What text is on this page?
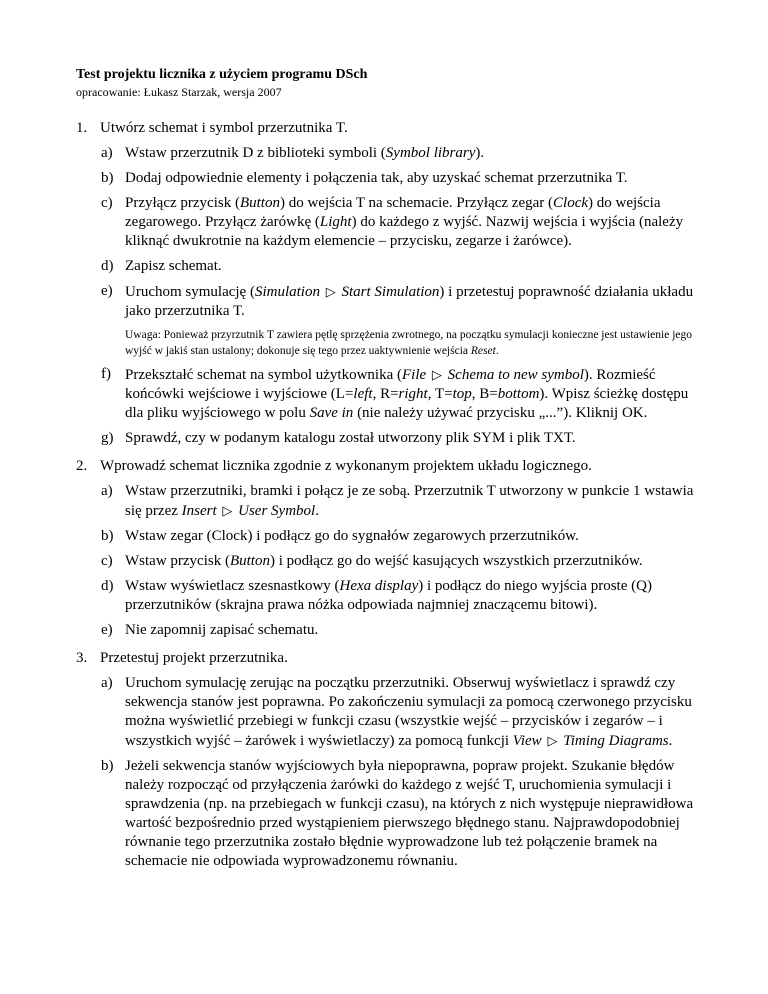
Test projektu licznika z użyciem programu DSch
opracowanie: Łukasz Starzak, wersja 2007
1. Utwórz schemat i symbol przerzutnika T.
a) Wstaw przerzutnik D z biblioteki symboli (Symbol library).
b) Dodaj odpowiednie elementy i połączenia tak, aby uzyskać schemat przerzutnika T.
c) Przyłącz przycisk (Button) do wejścia T na schemacie. Przyłącz zegar (Clock) do wejścia zegarowego. Przyłącz żarówkę (Light) do każdego z wyjść. Nazwij wejścia i wyjścia (należy kliknąć dwukrotnie na każdym elemencie – przycisku, zegarze i żarówce).
d) Zapisz schemat.
e) Uruchom symulację (Simulation ▷ Start Simulation) i przetestuj poprawność działania układu jako przerzutnika T.
Uwaga: Ponieważ przyrzutnik T zawiera pętlę sprzężenia zwrotnego, na początku symulacji konieczne jest ustawienie jego wyjść w jakiś stan ustalony; dokonuje się tego przez uaktywnienie wejścia Reset.
f) Przekształć schemat na symbol użytkownika (File ▷ Schema to new symbol). Rozmieść końcówki wejściowe i wyjściowe (L=left, R=right, T=top, B=bottom). Wpisz ścieżkę dostępu dla pliku wyjściowego w polu Save in (nie należy używać przycisku „...”). Kliknij OK.
g) Sprawdź, czy w podanym katalogu został utworzony plik SYM i plik TXT.
2. Wprowadź schemat licznika zgodnie z wykonanym projektem układu logicznego.
a) Wstaw przerzutniki, bramki i połącz je ze sobą. Przerzutnik T utworzony w punkcie 1 wstawia się przez Insert ▷ User Symbol.
b) Wstaw zegar (Clock) i podłącz go do sygnałów zegarowych przerzutników.
c) Wstaw przycisk (Button) i podłącz go do wejść kasujących wszystkich przerzutników.
d) Wstaw wyświetlacz szesnastkowy (Hexa display) i podłącz do niego wyjścia proste (Q) przerzutników (skrajna prawa nóżka odpowiada najmniej znaczącemu bitowi).
e) Nie zapomnij zapisać schematu.
3. Przetestuj projekt przerzutnika.
a) Uruchom symulację zerując na początku przerzutniki. Obserwuj wyświetlacz i sprawdź czy sekwencja stanów jest poprawna. Po zakończeniu symulacji za pomocą czerwonego przycisku można wyświetlić przebiegi w funkcji czasu (wszystkie wejść – przycisków i zegarów – i wszystkich wyjść – żarówek i wyświetlaczy) za pomocą funkcji View ▷ Timing Diagrams.
b) Jeżeli sekwencja stanów wyjściowych była niepoprawna, popraw projekt. Szukanie błędów należy rozpocząć od przyłączenia żarówki do każdego z wejść T, uruchomienia symulacji i sprawdzenia (np. na przebiegach w funkcji czasu), na których z nich występuje nieprawidłowa wartość bezpośrednio przed wystąpieniem pierwszego błędnego stanu. Najprawdopodobniej równanie tego przerzutnika zostało błędnie wyprowadzone lub też połączenie bramek na schemacie nie odpowiada wyprowadzonemu równaniu.
